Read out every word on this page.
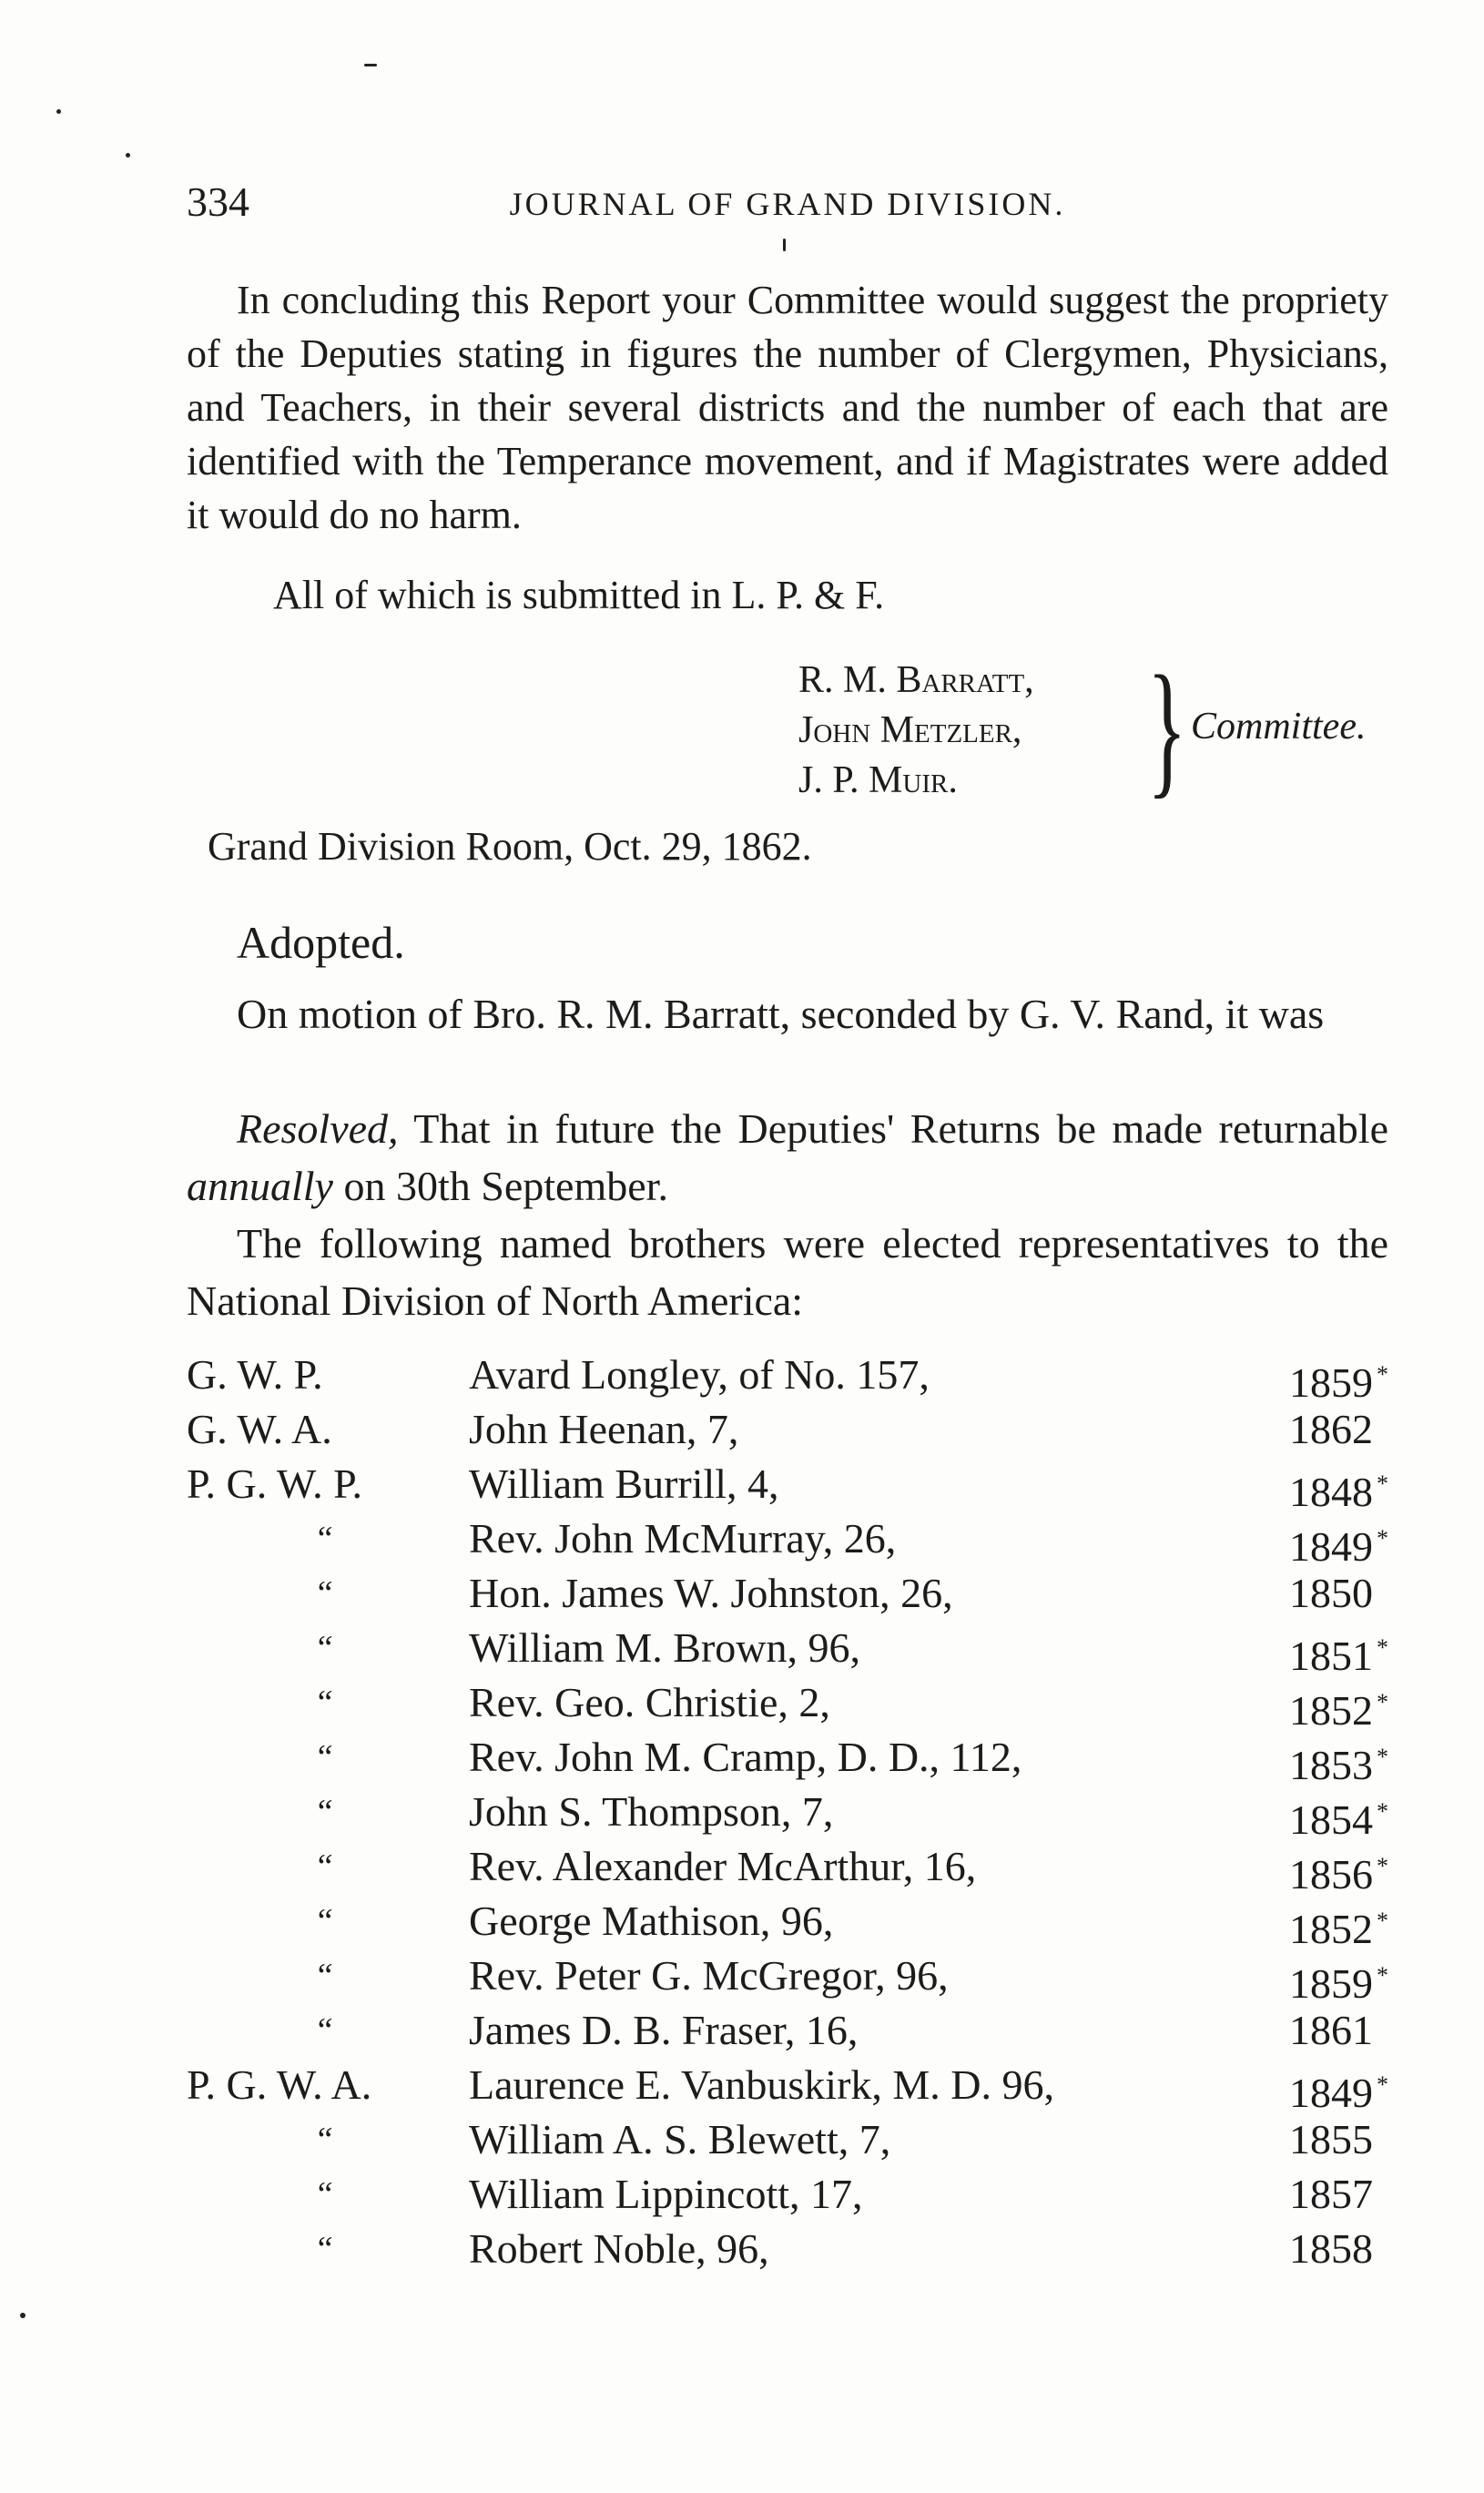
334	JOURNAL OF GRAND DIVISION.

In concluding this Report your Committee would suggest the propriety of the Deputies stating in figures the number of Clergymen, Physicians, and Teachers, in their several districts and the number of each that are identified with the Temperance movement, and if Magistrates were added it would do no harm.

All of which is submitted in L. P. & F.
R. M. Barratt,
John Metzler,
J. P. Muir.	} Committee.
Grand Division Room, Oct. 29, 1862.
Adopted.

On motion of Bro. R. M. Barratt, seconded by G. V. Rand, it was

Resolved, That in future the Deputies' Returns be made returnable annually on 30th September.

The following named brothers were elected representatives to the National Division of North America:

G. W. P.	Avard Longley, of No. 157,	1859 *
G. W. A.	John Heenan, 7,	1862
P. G. W. P.	William Burrill, 4,	1848 *
“	Rev. John McMurray, 26,	1849 *
“	Hon. James W. Johnston, 26,	1850
“	William M. Brown, 96,	1851 *
“	Rev. Geo. Christie, 2,	1852 *
“	Rev. John M. Cramp, D. D., 112,	1853 *
“	John S. Thompson, 7,	1854 *
“	Rev. Alexander McArthur, 16,	1856 *
“	George Mathison, 96,	1852 *
“	Rev. Peter G. McGregor, 96,	1859 *
“	James D. B. Fraser, 16,	1861
P. G. W. A. Laurence E. Vanbuskirk, M. D. 96,	1849 *
“	William A. S. Blewett, 7,	1855
“	William Lippincott, 17,	1857
“	Robert Noble, 96,	1858
